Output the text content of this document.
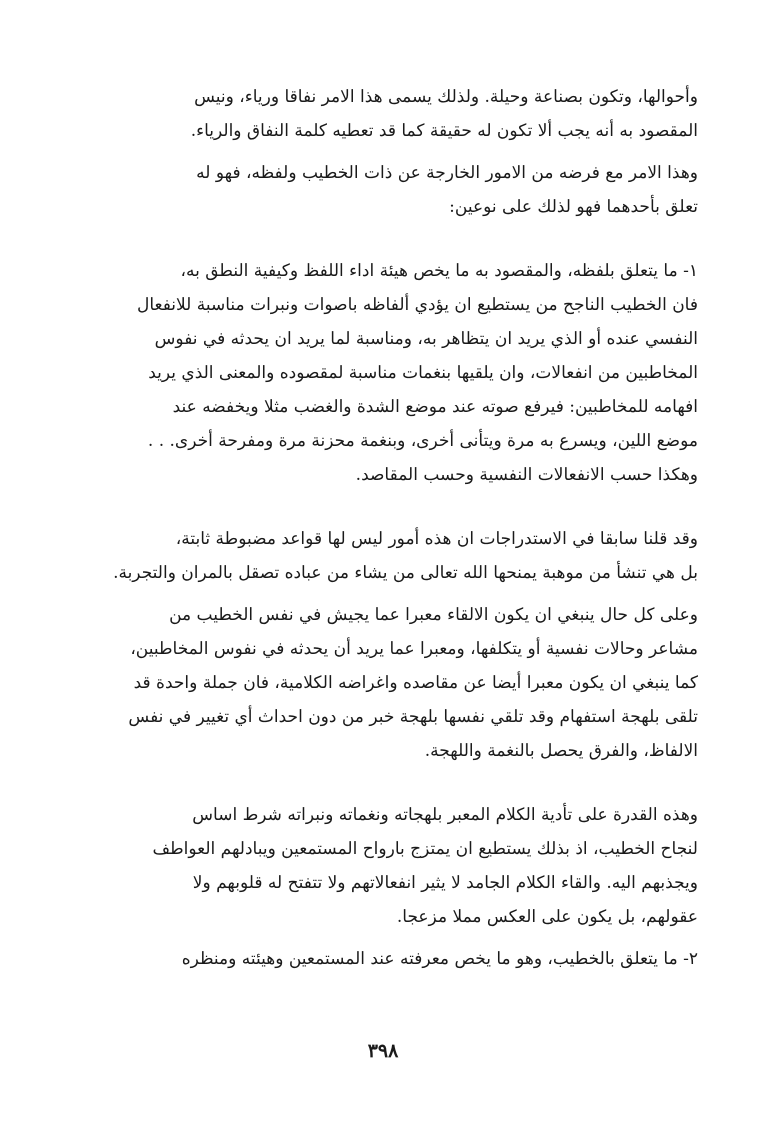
وأحوالها، وتكون بصناعة وحيلة. ولذلك يسمى هذا الامر نفاقا ورياء، ونيس
المقصود به أنه يجب ألا تكون له حقيقة كما قد تعطيه كلمة النفاق والرياء.

وهذا الامر مع فرضه من الامور الخارجة عن ذات الخطيب ولفظه، فهو له
تعلق بأحدهما فهو لذلك على نوعين:

١- ما يتعلق بلفظه، والمقصود به ما يخص هيئة اداء اللفظ وكيفية النطق به،
فان الخطيب الناجح من يستطيع ان يؤدي ألفاظه باصوات ونبرات مناسبة للانفعال
النفسي عنده أو الذي يريد ان يتظاهر به، ومناسبة لما يريد ان يحدثه في نفوس
المخاطبين من انفعالات، وان يلقيها بنغمات مناسبة لمقصوده والمعنى الذي يريد
افهامه للمخاطبين: فيرفع صوته عند موضع الشدة والغضب مثلا ويخفضه عند
موضع اللين، ويسرع به مرة ويتأنى أخرى، وبنغمة محزنة مرة ومفرحة أخرى. . .
وهكذا حسب الانفعالات النفسية وحسب المقاصد.

وقد قلنا سابقا في الاستدراجات ان هذه أمور ليس لها قواعد مضبوطة ثابتة،
بل هي تنشأ من موهبة يمنحها الله تعالى من يشاء من عباده تصقل بالمران والتجربة.

وعلى كل حال ينبغي ان يكون الالقاء معبرا عما يجيش في نفس الخطيب من
مشاعر وحالات نفسية أو يتكلفها، ومعبرا عما يريد أن يحدثه في نفوس المخاطبين،
كما ينبغي ان يكون معبرا أيضا عن مقاصده واغراضه الكلامية، فان جملة واحدة قد
تلقى بلهجة استفهام وقد تلقي نفسها بلهجة خبر من دون احداث أي تغيير في نفس
الالفاظ، والفرق يحصل بالنغمة واللهجة.

وهذه القدرة على تأدية الكلام المعبر بلهجاته ونغماته ونبراته شرط اساس
لنجاح الخطيب، اذ بذلك يستطيع ان يمتزج بارواح المستمعين ويبادلهم العواطف
ويجذبهم اليه. والقاء الكلام الجامد لا يثير انفعالاتهم ولا تتفتح له قلوبهم ولا
عقولهم، بل يكون على العكس مملا مزعجا.

٢- ما يتعلق بالخطيب، وهو ما يخص معرفته عند المستمعين وهيئته ومنظره

٣٩٨
